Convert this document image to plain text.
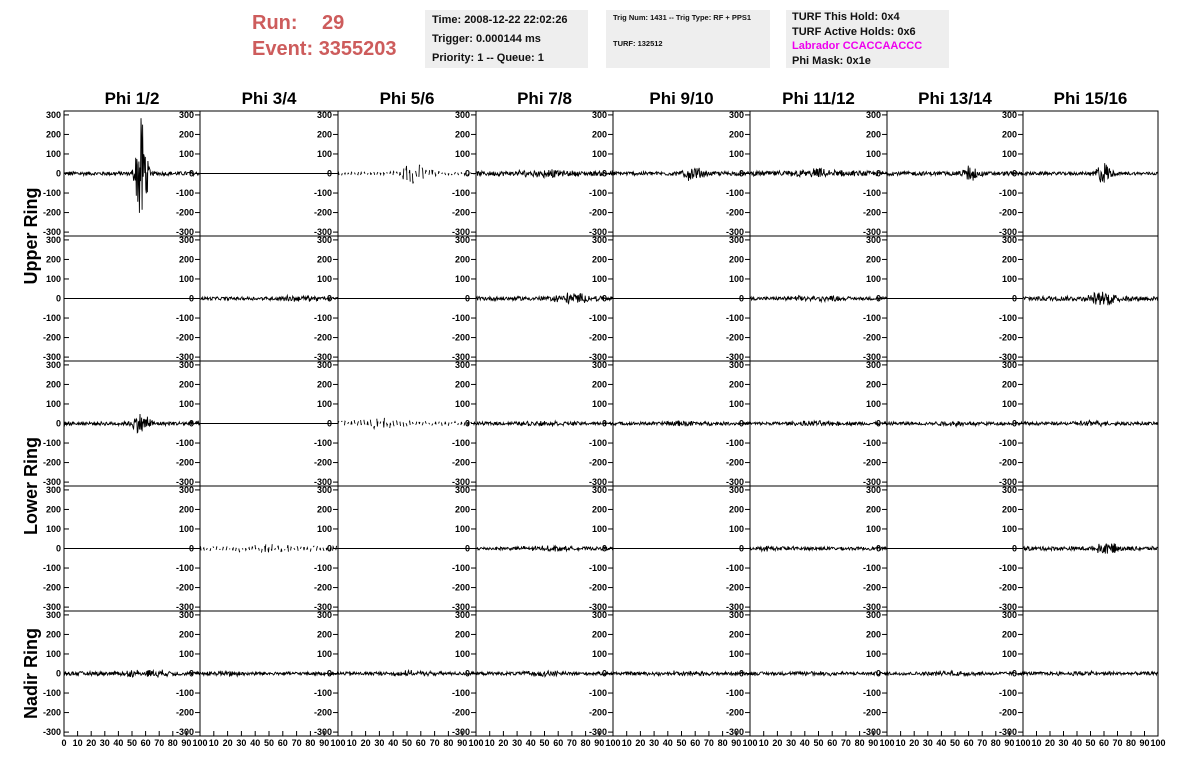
Run: 29
Event: 3355203
Time: 2008-12-22 22:02:26
Trigger: 0.000144 ms
Priority: 1 -- Queue: 1
Trig Num: 1431 -- Trig Type: RF + PPS1
TURF: 132512
TURF This Hold: 0x4
TURF Active Holds: 0x6
Labrador CCACCAACCC
Phi Mask: 0x1e
Phi 1/2	Phi 3/4	Phi 5/6	Phi 7/8	Phi 9/10	Phi 11/12	Phi 13/14	Phi 15/16
Upper Ring
Lower Ring
Nadir Ring
300
200
100
0
-100
-200
-300
300
200
100
0
-100
-200
-300
300
200
100
0
-100
-200
-300
300
200
100
0
-100
-200
-300
300
200
100
0
-100
-200
-300
300
200
100
0
-100
-200
-300
300
200
100
0
-100
-200
-300
300
200
100
0
-100
-200
-300
300
200
100
0
-100
-200
-300
300
200
100
0
-100
-200
-300
300
200
100
0
-100
-200
-300
300
200
100
0
-100
-200
-300
300
200
100
0
-100
-200
-300
300
200
100
0
-100
-200
-300
300
200
100
0
-100
-200
-300
300
200
100
0
-100
-200
-300
300
200
100
0
-100
-200
-300
300
200
100
0
-100
-200
-300
300
200
100
0
-100
-200
-300
300
200
100
0
-100
-200
-300
300
200
100
0
-100
-200
-300
300
200
100
0
-100
-200
-300
300
200
100
0
-100
-200
-300
300
200
100
0
-100
-200
-300
300
200
100
0
-100
-200
-300
300
200
100
0
-100
-200
-300
300
200
100
0
-100
-200
-300
300
200
100
0
-100
-200
-300
300
200
100
0
-100
-200
-300
300
200
100
0
-100
-200
-300
300
200
100
0
-100
-200
-300
300
200
100
0
-100
-200
-300
300
200
100
0
-100
-200
-300
0 10 20 30 40 50 60 70 80 90 100
300
200
100
0
-100
-200
-300
10 20 30 40 50 60 70 80 90 100
300
200
100
0
-100
-200
-300
10 20 30 40 50 60 70 80 90 100
300
200
100
0
-100
-200
-300
10 20 30 40 50 60 70 80 90 100
300
200
100
0
-100
-200
-300
10 20 30 40 50 60 70 80 90 100
300
200
100
0
-100
-200
-300
10 20 30 40 50 60 70 80 90 100
300
200
100
0
-100
-200
-300
10 20 30 40 50 60 70 80 90 100
300
200
100
0
-100
-200
-300
10 20 30 40 50 60 70 80 90 100
